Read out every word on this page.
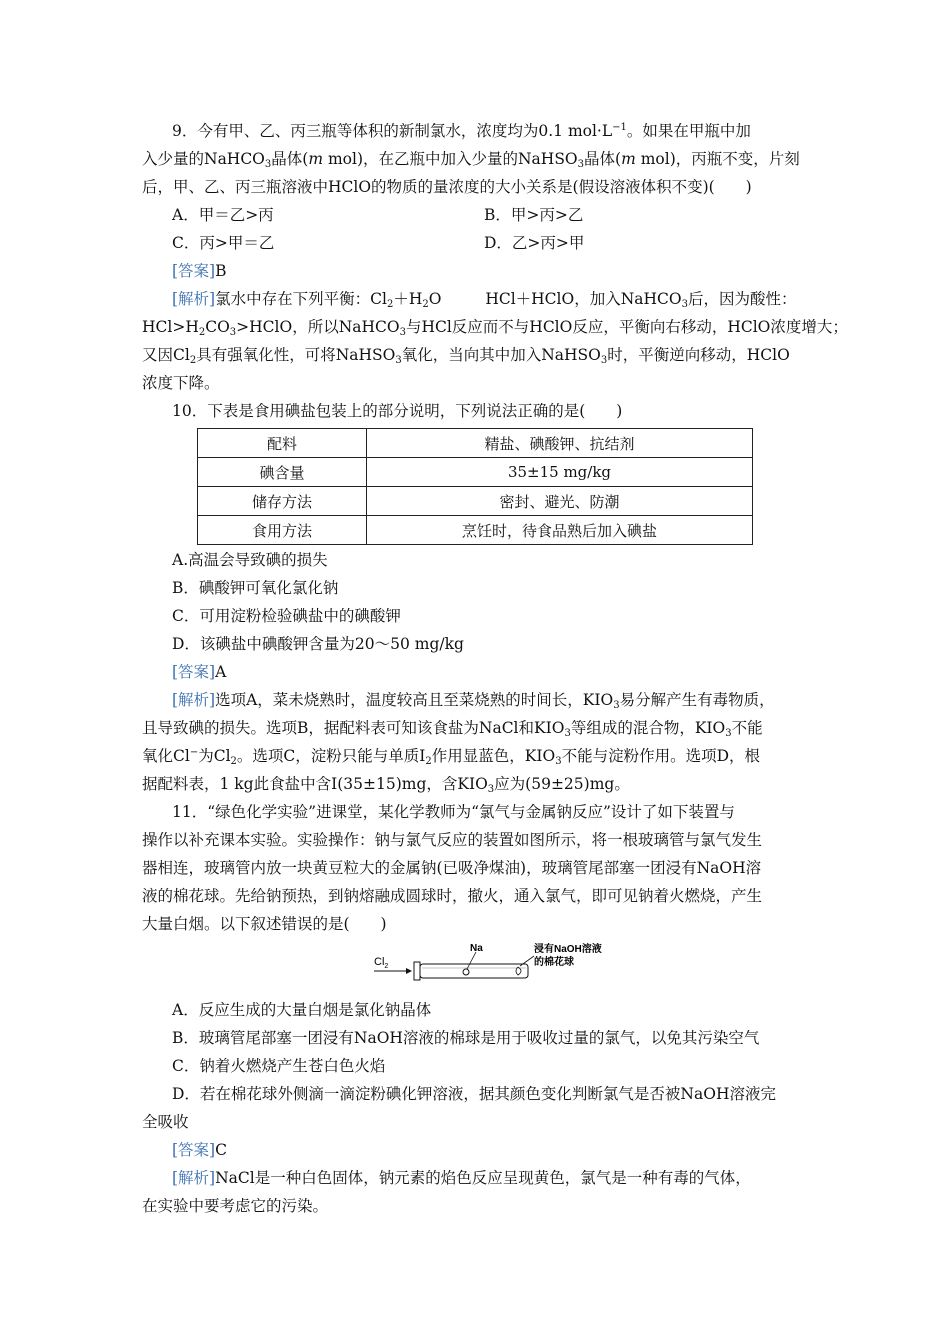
9．今有甲、乙、丙三瓶等体积的新制氯水，浓度均为0.1 $mol\cdot L^{-1}$。如果在甲瓶中加
入少量的NaHCO$_3$晶体(m mol)，在乙瓶中加入少量的NaHSO$_3$晶体(m mol)，丙瓶不变，片刻
后，甲、乙、丙三瓶溶液中HClO的物质的量浓度的大小关系是(假设溶液体积不变)(　　)
A．甲＝乙>丙	B．甲>丙>乙
C．丙>甲＝乙	D．乙>丙>甲
[答案]B
[解析]氯水中存在下列平衡：$Cl_2+H_2O$	HCl＋HClO，加入NaHCO$_3$后，因为酸性：
$HCl>H_2CO_3>HClO$，所以NaHCO$_3$与HCl反应而不与HClO反应，平衡向右移动，HClO浓度增大；
又因$Cl_2$具有强氧化性，可将NaHSO$_3$氧化，当向其中加入NaHSO$_3$时，平衡逆向移动，HClO
浓度下降。
10．下表是食用碘盐包装上的部分说明，下列说法正确的是(　　)
配料	精盐、碘酸钾、抗结剂
碘含量	35±15 mg/kg
储存方法	密封、避光、防潮
食用方法	烹饪时，待食品熟后加入碘盐
A.高温会导致碘的损失
B．碘酸钾可氧化氯化钠
C．可用淀粉检验碘盐中的碘酸钾
D．该碘盐中碘酸钾含量为20～50 mg/kg
[答案]A
[解析]选项A，菜未烧熟时，温度较高且至菜烧熟的时间长，$KIO_3$易分解产生有毒物质，
且导致碘的损失。选项B，据配料表可知该食盐为NaCl和$KIO_3$等组成的混合物，$KIO_3$不能
氧化Cl−为$Cl_2$。选项C，淀粉只能与单质$I_2$作用显蓝色，$KIO_3$不能与淀粉作用。选项D，根
据配料表，1 kg此食盐中含I(35±15)mg，含$KIO_3$应为(59±25)mg。
11．“绿色化学实验”进课堂，某化学教师为“氯气与金属钠反应”设计了如下装置与
操作以补充课本实验。实验操作：钠与氯气反应的装置如图所示，将一根玻璃管与氯气发生
器相连，玻璃管内放一块黄豆粒大的金属钠(已吸净煤油)，玻璃管尾部塞一团浸有NaOH溶
液的棉花球。先给钠预热，到钠熔融成圆球时，撤火，通入氯气，即可见钠着火燃烧，产生
大量白烟。以下叙述错误的是(　　)
$Cl_2$
Na	浸有NaOH溶液
的棉花球
A．反应生成的大量白烟是氯化钠晶体
B．玻璃管尾部塞一团浸有NaOH溶液的棉球是用于吸收过量的氯气，以免其污染空气
C．钠着火燃烧产生苍白色火焰
D．若在棉花球外侧滴一滴淀粉碘化钾溶液，据其颜色变化判断氯气是否被NaOH溶液完
全吸收
[答案]C
[解析]NaCl是一种白色固体，钠元素的焰色反应呈现黄色，氯气是一种有毒的气体，
在实验中要考虑它的污染。
